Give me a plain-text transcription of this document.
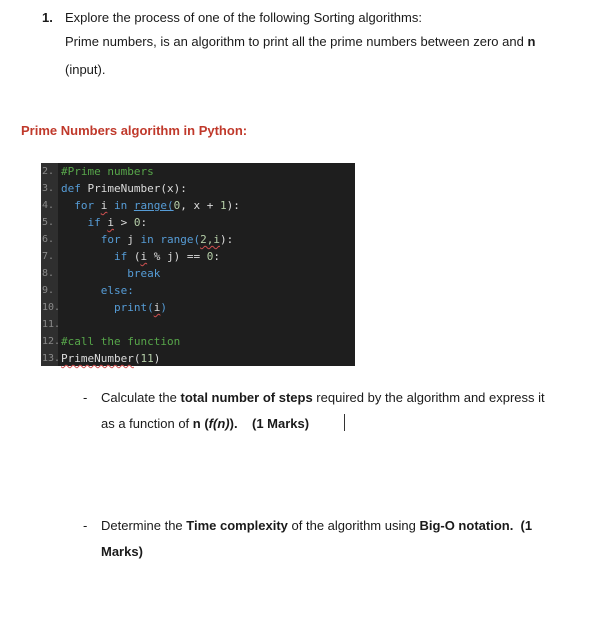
1. Explore the process of one of the following Sorting algorithms:
Prime numbers, is an algorithm to print all the prime numbers between zero and n
(input).
Prime Numbers algorithm in Python:
2. #Prime numbers
3. def PrimeNumber(x):
4. for i in range(0, x + 1):
5.	if i > 0:
6.	for j in range(2,i):
7.	if (i % j) == 0:
8.	break
9.	else:
10.	print(i)
11.
12.#call the function
13.PrimeNumber(11)
- Calculate the total number of steps required by the algorithm and express it
as a function of n (f(n)). (1 Marks)
- Determine the Time complexity of the algorithm using Big-O notation. (1
Marks)
